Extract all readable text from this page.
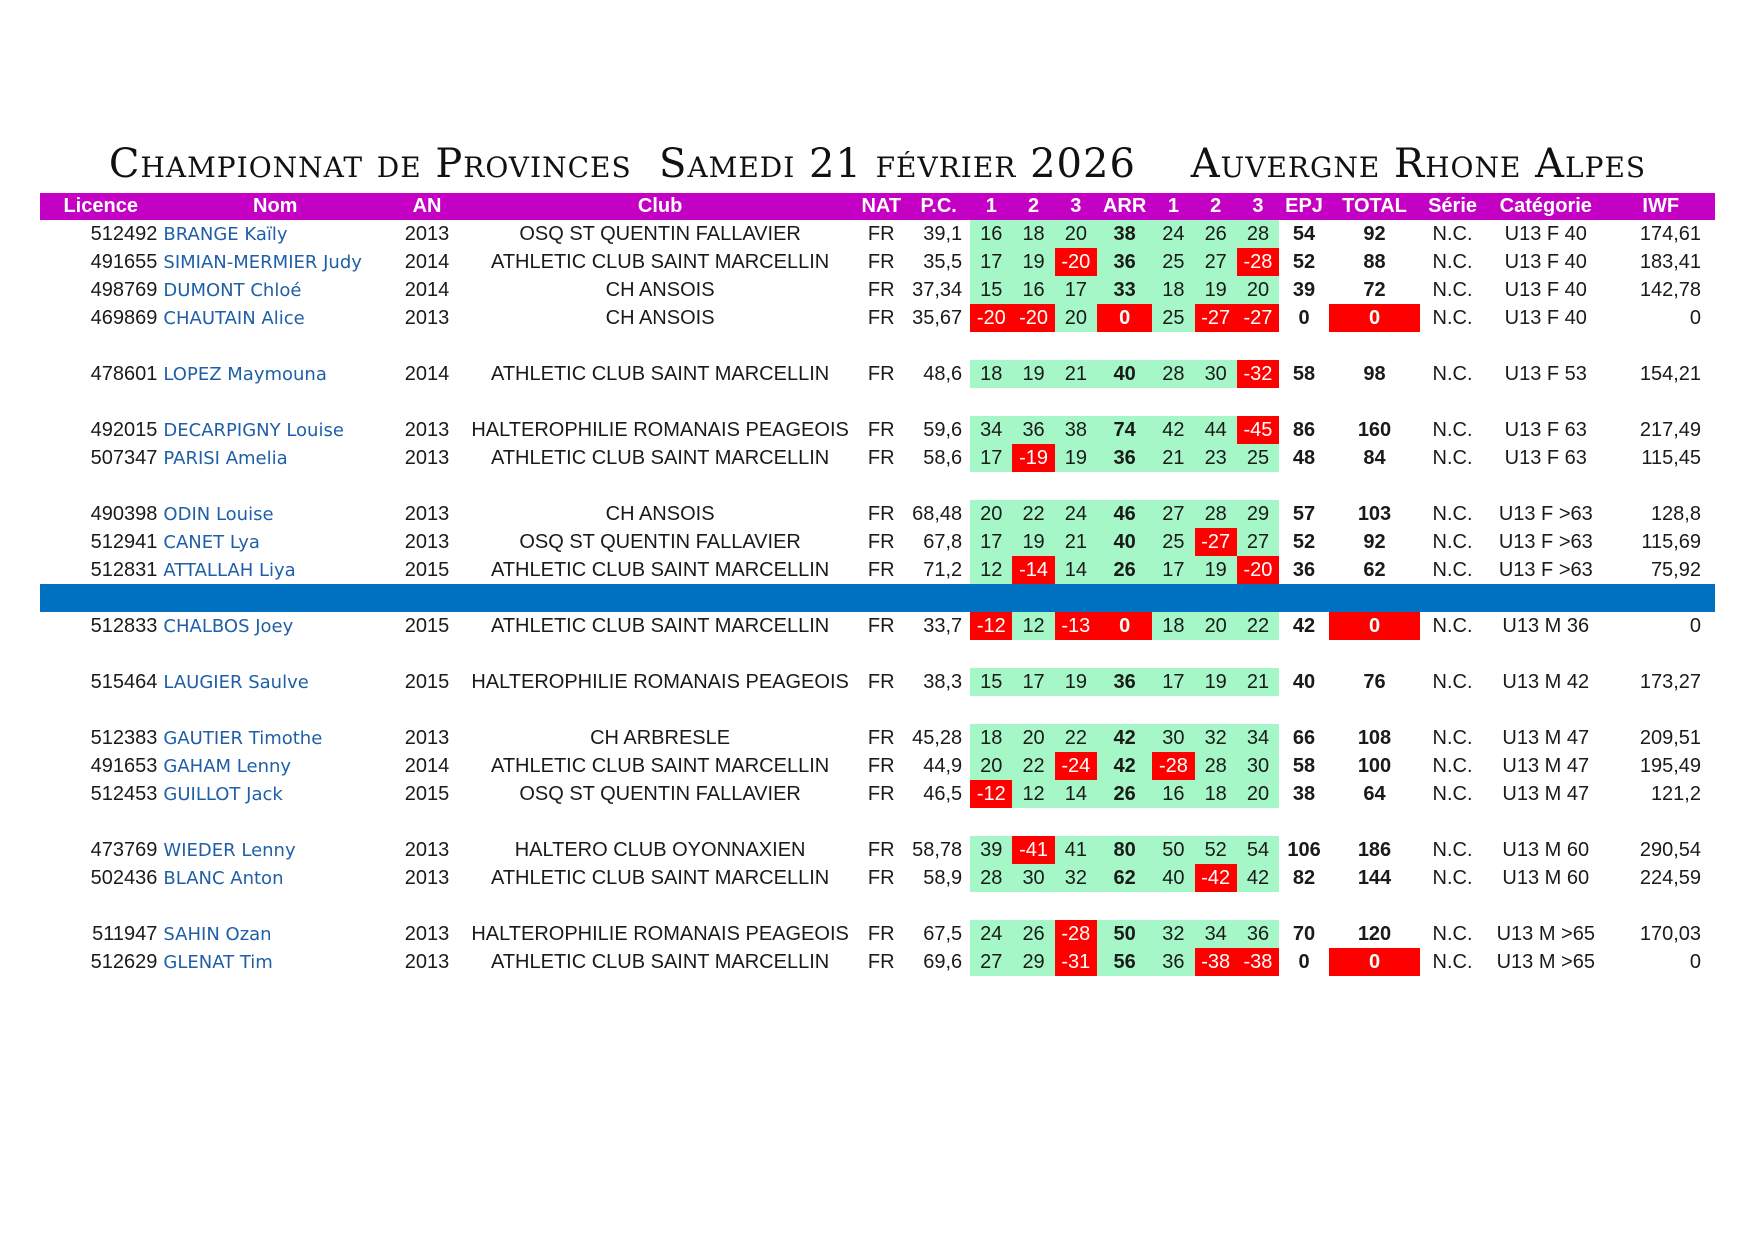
Championnat de Provinces  Samedi 21 février 2026    Auvergne Rhone Alpes
Licence	Nom	AN	Club	NAT	P.C.	1	2	3	ARR	1	2	3	EPJ	TOTAL	Série	Catégorie	IWF
512492	BRANGE Kaïly	2013	OSQ ST QUENTIN FALLAVIER	FR	39,1	16	18	20	38	24	26	28	54	92	N.C.	U13 F 40	174,61
491655	SIMIAN-MERMIER Judy	2014	ATHLETIC CLUB SAINT MARCELLIN	FR	35,5	17	19	-20	36	25	27	-28	52	88	N.C.	U13 F 40	183,41
498769	DUMONT Chloé	2014	CH ANSOIS	FR	37,34	15	16	17	33	18	19	20	39	72	N.C.	U13 F 40	142,78
469869	CHAUTAIN Alice	2013	CH ANSOIS	FR	35,67	-20	-20	20	0	25	-27	-27	0	0	N.C.	U13 F 40	0

478601	LOPEZ Maymouna	2014	ATHLETIC CLUB SAINT MARCELLIN	FR	48,6	18	19	21	40	28	30	-32	58	98	N.C.	U13 F 53	154,21

492015	DECARPIGNY Louise	2013	HALTEROPHILIE ROMANAIS PEAGEOIS	FR	59,6	34	36	38	74	42	44	-45	86	160	N.C.	U13 F 63	217,49
507347	PARISI Amelia	2013	ATHLETIC CLUB SAINT MARCELLIN	FR	58,6	17	-19	19	36	21	23	25	48	84	N.C.	U13 F 63	115,45

490398	ODIN Louise	2013	CH ANSOIS	FR	68,48	20	22	24	46	27	28	29	57	103	N.C.	U13 F >63	128,8
512941	CANET Lya	2013	OSQ ST QUENTIN FALLAVIER	FR	67,8	17	19	21	40	25	-27	27	52	92	N.C.	U13 F >63	115,69
512831	ATTALLAH Liya	2015	ATHLETIC CLUB SAINT MARCELLIN	FR	71,2	12	-14	14	26	17	19	-20	36	62	N.C.	U13 F >63	75,92

512833	CHALBOS Joey	2015	ATHLETIC CLUB SAINT MARCELLIN	FR	33,7	-12	12	-13	0	18	20	22	42	0	N.C.	U13 M 36	0

515464	LAUGIER Saulve	2015	HALTEROPHILIE ROMANAIS PEAGEOIS	FR	38,3	15	17	19	36	17	19	21	40	76	N.C.	U13 M 42	173,27

512383	GAUTIER Timothe	2013	CH ARBRESLE	FR	45,28	18	20	22	42	30	32	34	66	108	N.C.	U13 M 47	209,51
491653	GAHAM Lenny	2014	ATHLETIC CLUB SAINT MARCELLIN	FR	44,9	20	22	-24	42	-28	28	30	58	100	N.C.	U13 M 47	195,49
512453	GUILLOT Jack	2015	OSQ ST QUENTIN FALLAVIER	FR	46,5	-12	12	14	26	16	18	20	38	64	N.C.	U13 M 47	121,2

473769	WIEDER Lenny	2013	HALTERO CLUB OYONNAXIEN	FR	58,78	39	-41	41	80	50	52	54	106	186	N.C.	U13 M 60	290,54
502436	BLANC Anton	2013	ATHLETIC CLUB SAINT MARCELLIN	FR	58,9	28	30	32	62	40	-42	42	82	144	N.C.	U13 M 60	224,59

511947	SAHIN Ozan	2013	HALTEROPHILIE ROMANAIS PEAGEOIS	FR	67,5	24	26	-28	50	32	34	36	70	120	N.C.	U13 M >65	170,03
512629	GLENAT Tim	2013	ATHLETIC CLUB SAINT MARCELLIN	FR	69,6	27	29	-31	56	36	-38	-38	0	0	N.C.	U13 M >65	0
